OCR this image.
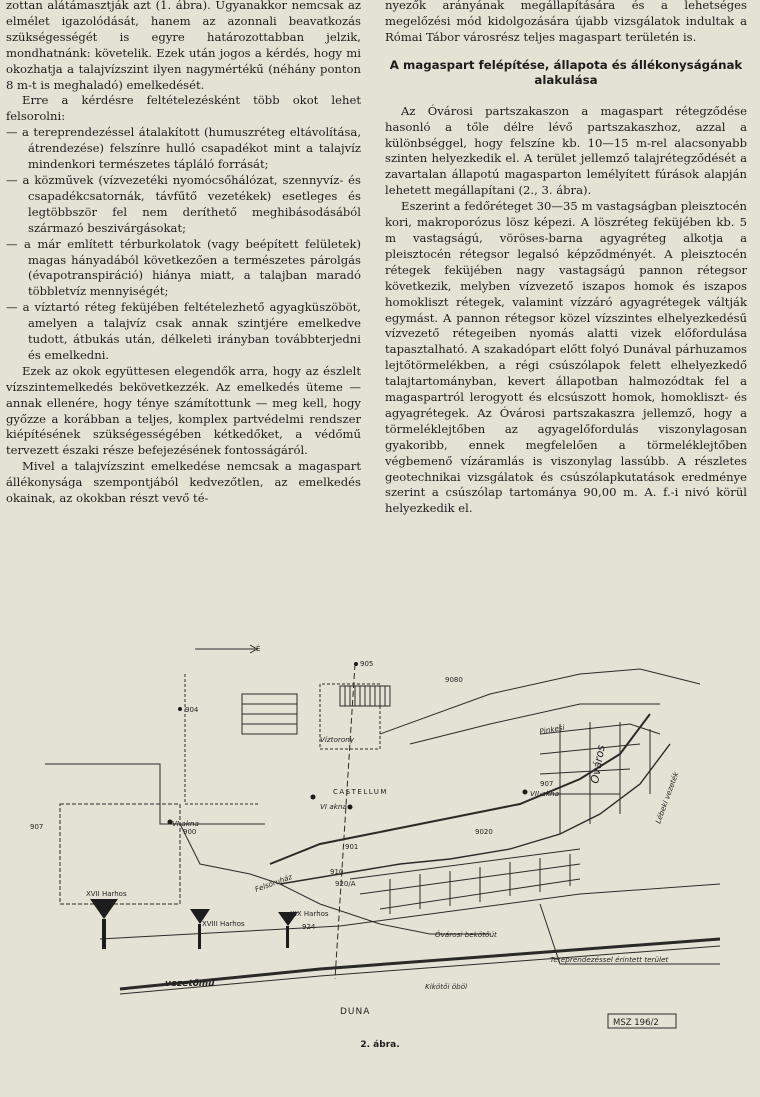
zottan alátámasztják azt (1. ábra). Ugyanakkor nemcsak az elmélet igazolódását, hanem az azonnali beavatkozás szükségességét is egyre határozottabban jelzik, mondhatnánk: követelik. Ezek után jogos a kérdés, hogy mi okozhatja a talajvízszint ilyen nagymértékű (néhány ponton 8 m-t is meghaladó) emelkedését.

Erre a kérdésre feltételezésként több okot lehet felsorolni:

— a tereprendezéssel átalakított (humuszréteg eltávolítása, átrendezése) felszínre hulló csapadékot mint a talajvíz mindenkori természetes tápláló forrását;

— a közművek (vízvezetéki nyomócsőhálózat, szennyvíz- és csapadékcsatornák, távfűtő vezetékek) esetleges és legtöbbször fel nem deríthető meghibásodásából származó beszivárgásokat;

— a már említett térburkolatok (vagy beépített felületek) magas hányadából következően a természetes párolgás (évapotranspiráció) hiánya miatt, a talajban maradó többletvíz mennyiségét;

— a víztartó réteg feküjében feltételezhető agyagküszöböt, amelyen a talajvíz csak annak szintjére emelkedve tudott, átbukás után, délkeleti irányban továbbterjedni és emelkedni.

Ezek az okok együttesen elegendők arra, hogy az észlelt vízszintemelkedés bekövetkezzék. Az emelkedés üteme — annak ellenére, hogy ténye számítottunk — meg kell, hogy győzze a korábban a teljes, komplex partvédelmi rendszer kiépítésének szükségességében kétkedőket, a védőmű tervezett északi része befejezésének fontosságáról.

Mivel a talajvízszint emelkedése nemcsak a magaspart állékonysága szempontjából kedvezőtlen, az emelkedés okainak, az okokban részt vevő té-

nyezők arányának megállapítására és a lehetséges megelőzési mód kidolgozására újabb vizsgálatok indultak a Római Tábor városrész teljes magaspart területén is.

A magaspart felépítése, állapota és állékonyságának alakulása

Az Óvárosi partszakaszon a magaspart rétegződése hasonló a tőle délre lévő partszakaszhoz, azzal a különbséggel, hogy felszíne kb. 10—15 m-rel alacsonyabb szinten helyezkedik el. A terület jellemző talajrétegződését a zavartalan állapotú magasparton lemélyített fúrások alapján lehetett megállapítani (2., 3. ábra).

Eszerint a fedőréteget 30—35 m vastagságban pleisztocén kori, makroporózus lösz képezi. A löszréteg feküjében kb. 5 m vastagságú, vöröses-barna agyagréteg alkotja a pleisztocén rétegsor legalsó képződményét. A pleisztocén rétegek feküjében nagy vastagságú pannon rétegsor következik, melyben vízvezető iszapos homok és iszapos homokliszt rétegek, valamint vízzáró agyagrétegek váltják egymást. A pannon rétegsor közel vízszintes elhelyezkedésű vízvezető rétegeiben nyomás alatti vizek előfordulása tapasztalható. A szakadópart előtt folyó Dunával párhuzamos lejtőtörmelékben, a régi csúszólapok felett elhelyezkedő talajtartományban, kevert állapotban halmozódtak fel a magaspartról lerogyott és elcsúszott homok, homokliszt- és agyagrétegek. Az Óvárosi partszakaszra jellemző, hogy a törmeléklejtőben az agyagelőfordulás viszonylagosan gyakoribb, ennek megfelelően a törmeléklejtőben végbemenő vízáramlás is viszonylag lassúbb. A részletes geotechnikai vizsgálatok és csúszólapkutatások eredménye szerint a csúszólap tartománya 90,00 m. A. f.-i nivó körül helyezkedik el.

É
CASTELLUM
Víztorony
VI akna
VII akna
VI akna
XVII Harhos
XVIII Harhos
XIX Harhos
Felsőruház
Óvárosi bekötőút
vezetőmű	Kikötői öböl
DUNA
Óváros
Lébeki vezeték
Pinkesi
Tereprendezéssel érintett terület
MSZ 196/2
904
905
907
900
901
924
907
9080
9020
910
920/A
2. ábra.
